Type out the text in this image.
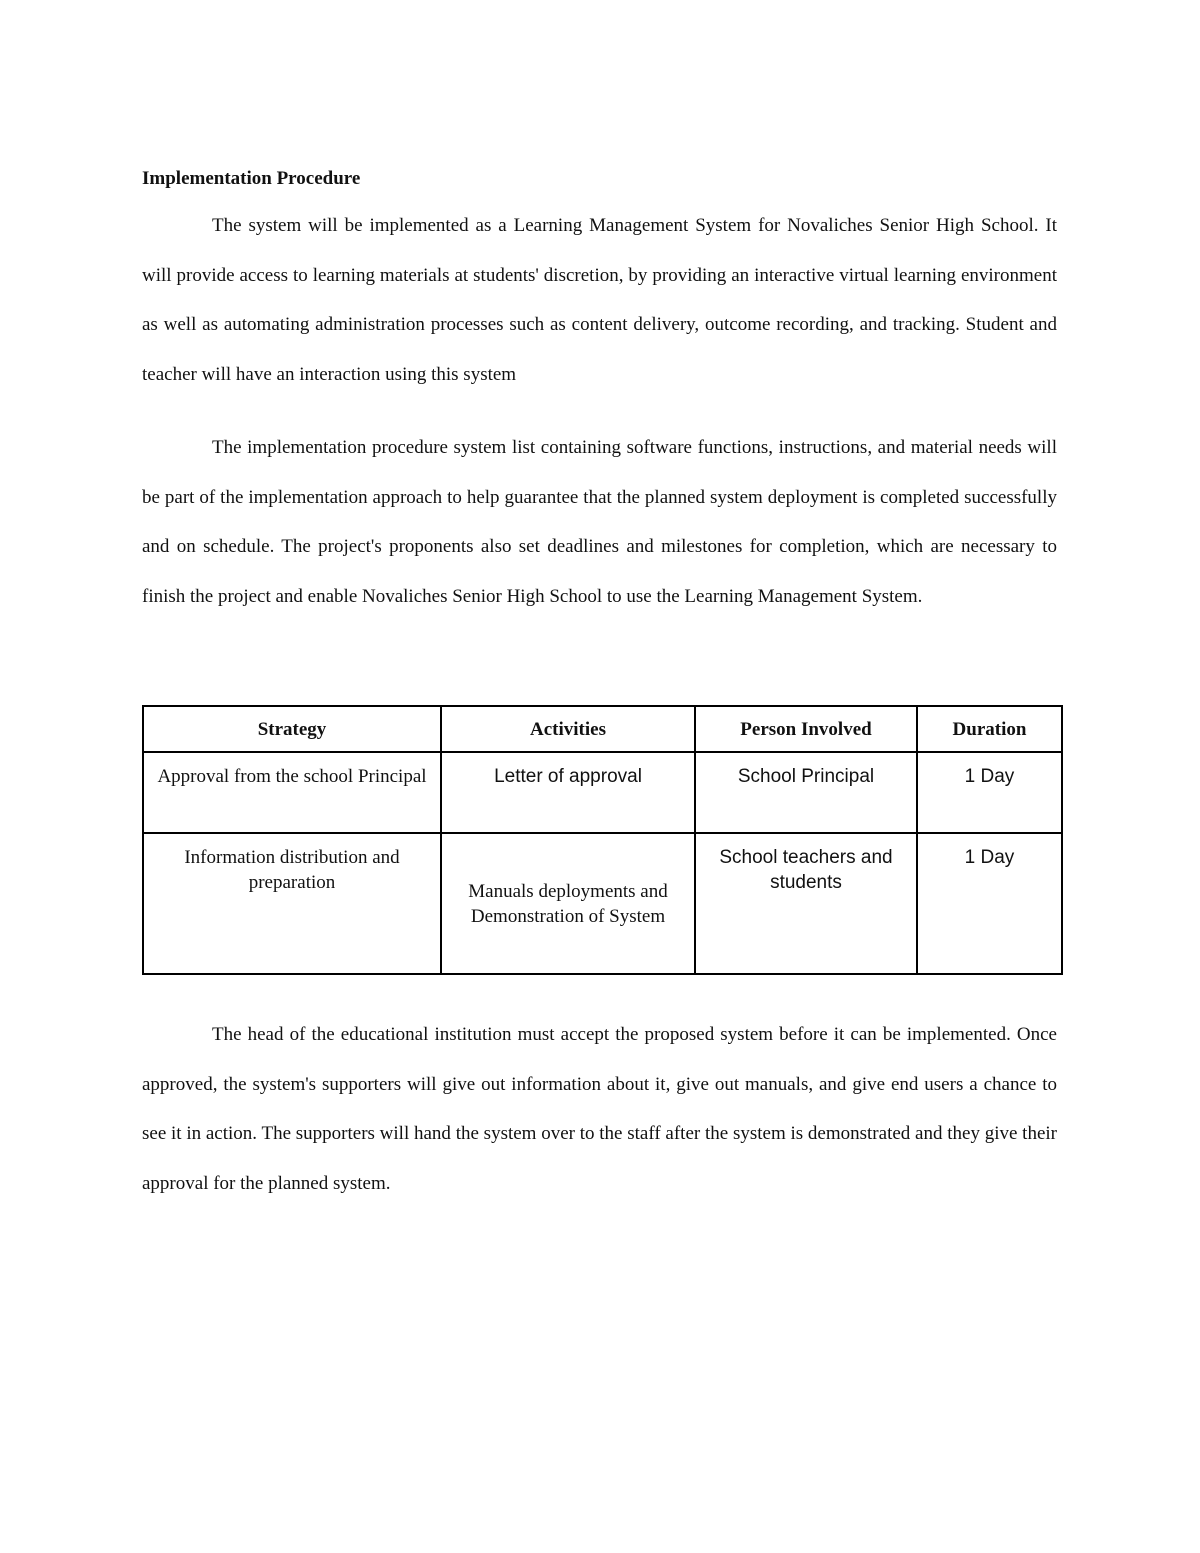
Implementation Procedure

The system will be implemented as a Learning Management System for Novaliches Senior High School. It will provide access to learning materials at students' discretion, by providing an interactive virtual learning environment as well as automating administration processes such as content delivery, outcome recording, and tracking. Student and teacher will have an interaction using this system

The implementation procedure system list containing software functions, instructions, and material needs will be part of the implementation approach to help guarantee that the planned system deployment is completed successfully and on schedule. The project's proponents also set deadlines and milestones for completion, which are necessary to finish the project and enable Novaliches Senior High School to use the Learning Management System.

Strategy	Activities	Person Involved	Duration
Approval from the school Principal	Letter of approval	School Principal	1 Day
Information distribution and preparation	Manuals deployments and Demonstration of System	School teachers and students	1 Day

The head of the educational institution must accept the proposed system before it can be implemented. Once approved, the system's supporters will give out information about it, give out manuals, and give end users a chance to see it in action. The supporters will hand the system over to the staff after the system is demonstrated and they give their approval for the planned system.
